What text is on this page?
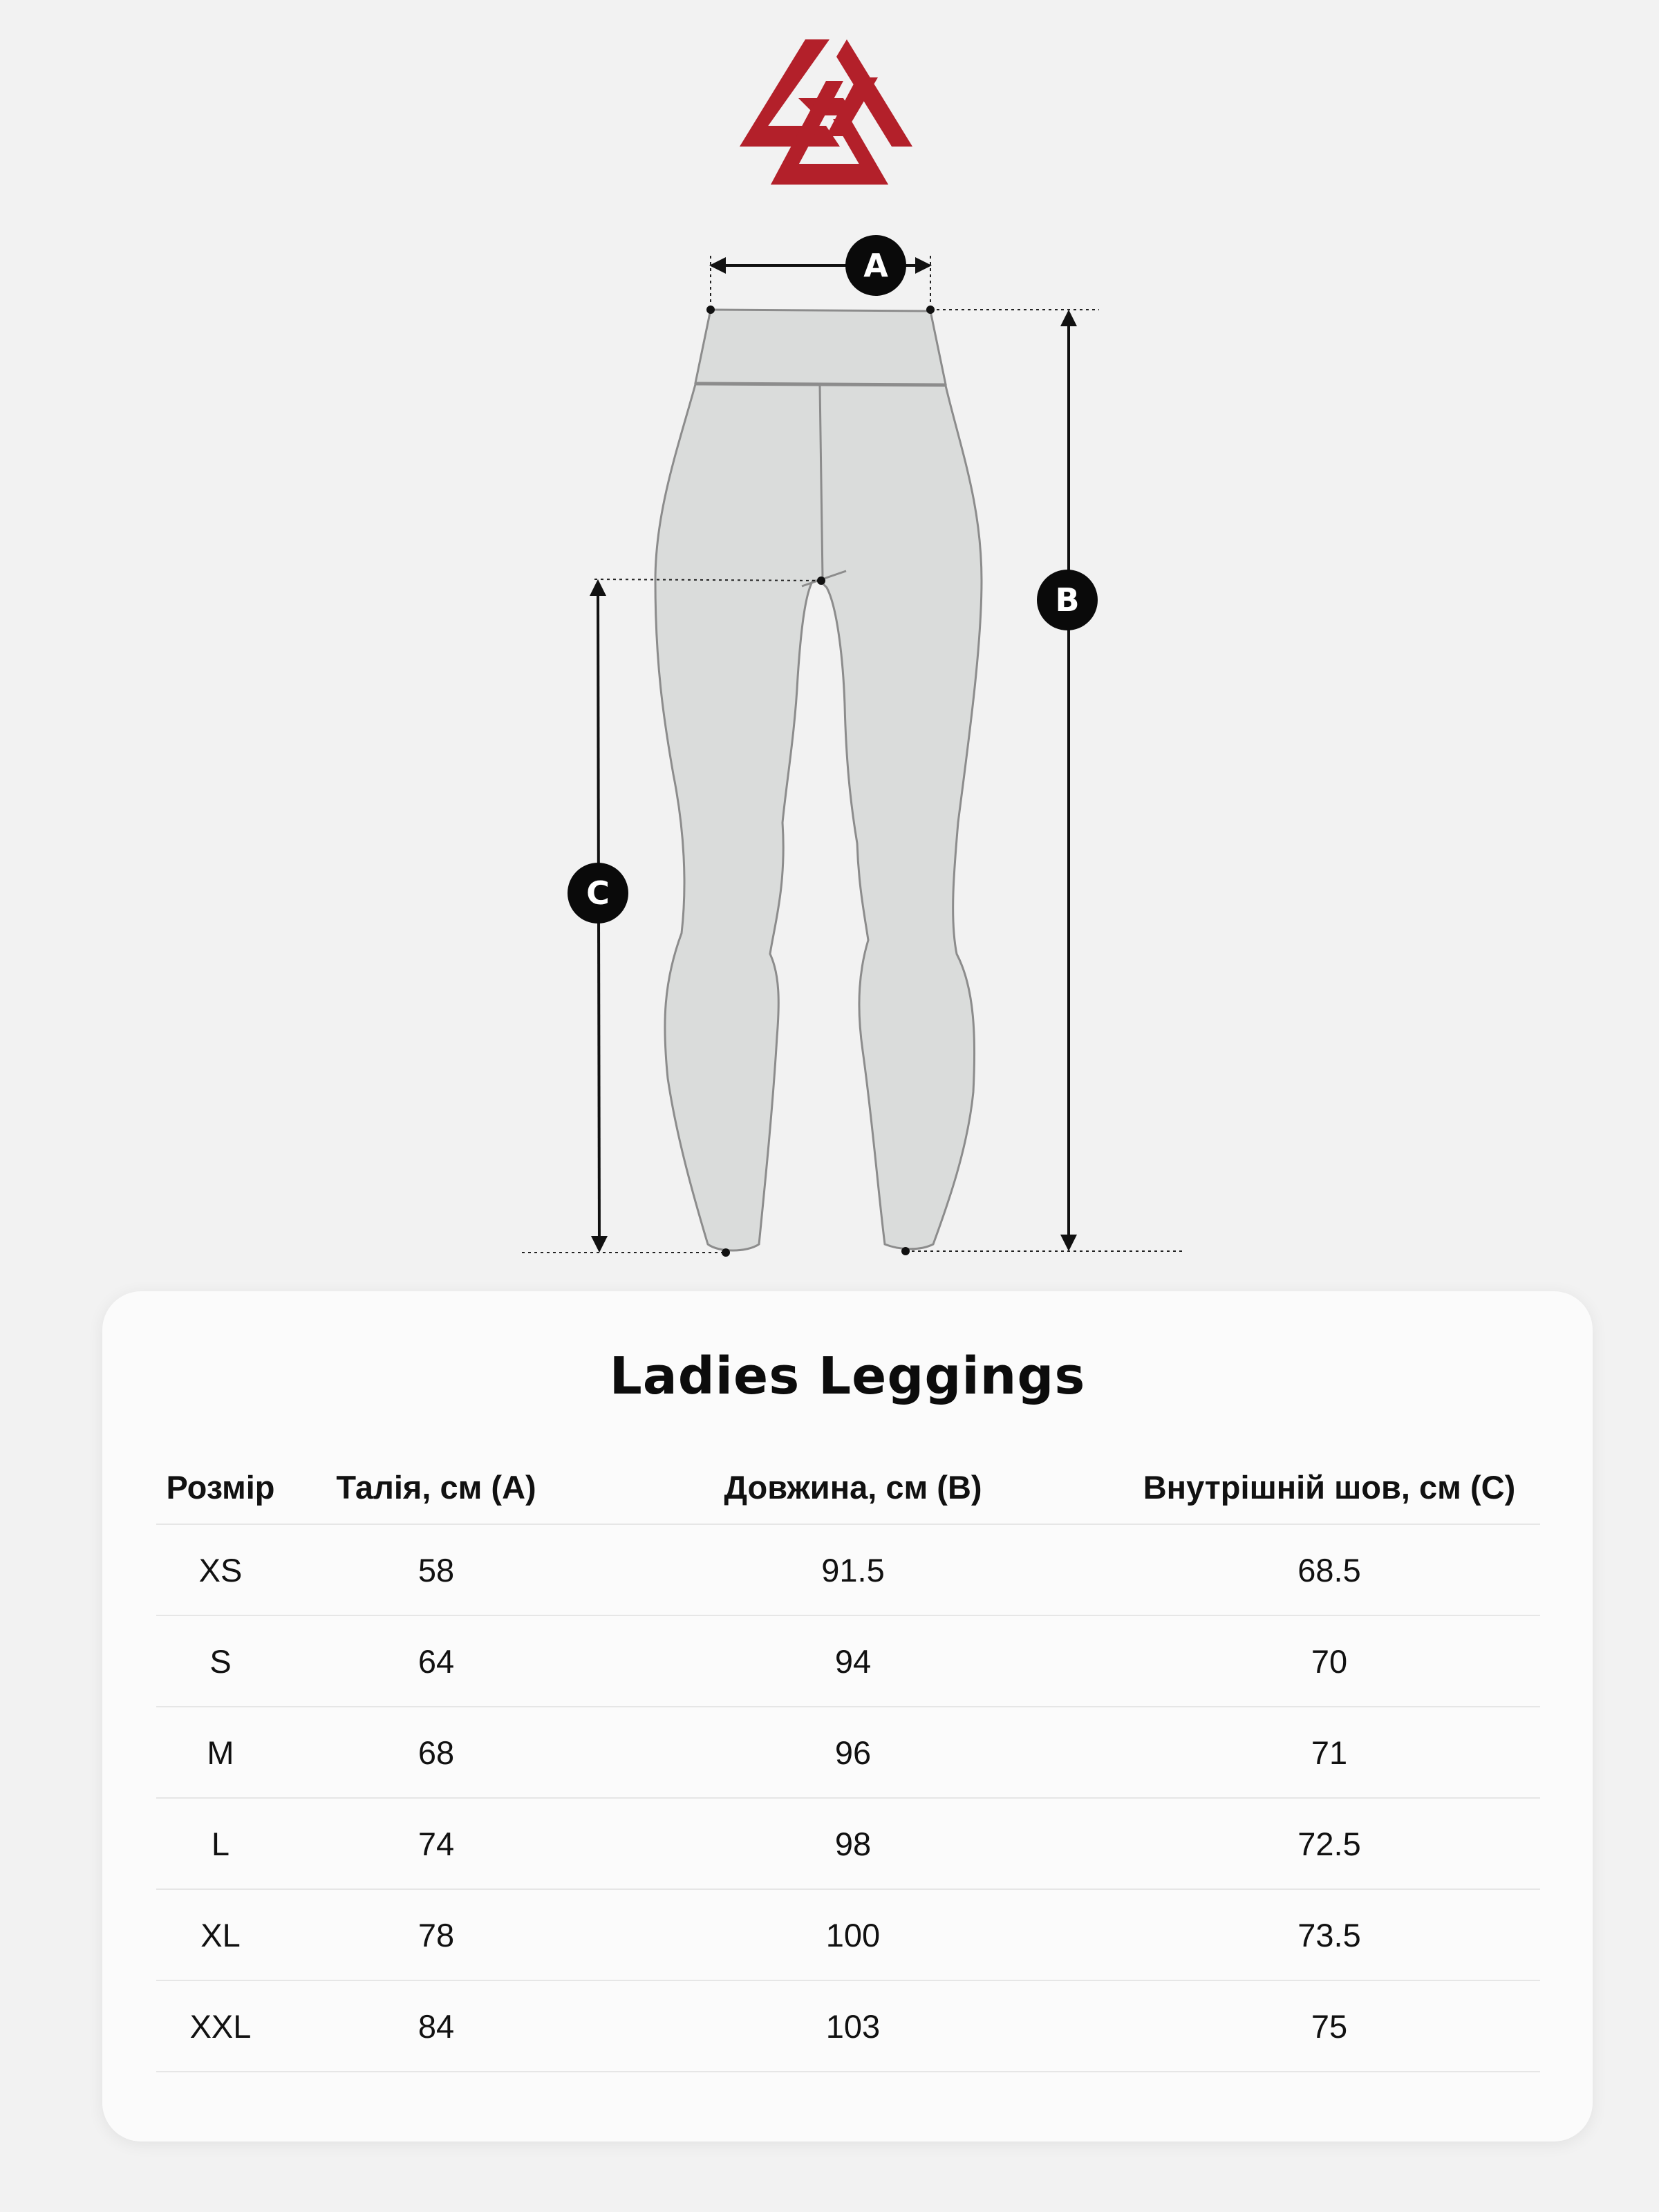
A
B
C
Ladies Leggings
Розмір	Талія, см (A)	Довжина, см (B)	Внутрішній шов, см (C)
XS	58	91.5	68.5
S	64	94	70
M	68	96	71
L	74	98	72.5
XL	78	100	73.5
XXL	84	103	75
